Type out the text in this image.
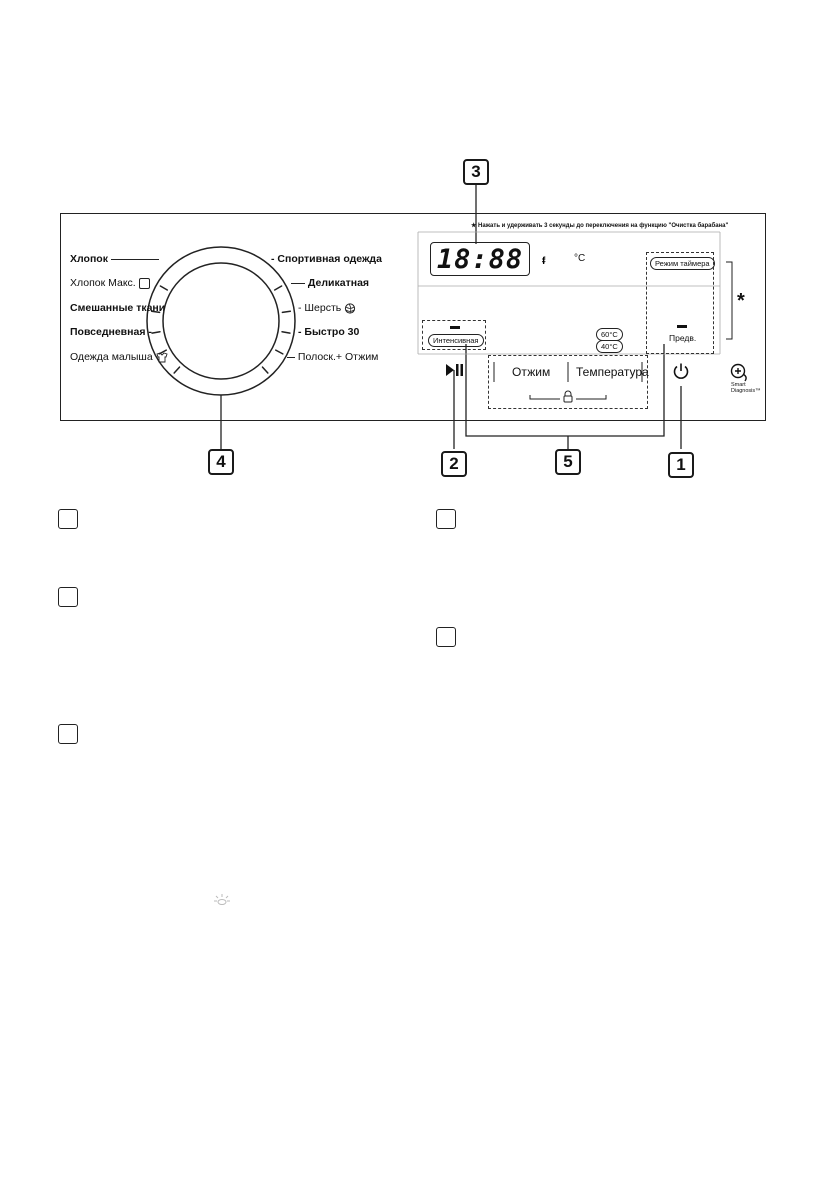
3
★ Нажать и удерживать 3 секунды до переключения на функцию "Очистка барабана"
Хлопок
Хлопок Макс.
Смешанные ткани
Повседневная -
Одежда малыша
- Спортивная одежда
Деликатная
- Шерсть
- Быстро 30
Полоск.+ Отжим
18:88	ᵮ	°C
Интенсивная
60°C
40°C
Режим таймера
Предв.
*
Отжим Температура
Smart
Diagnosis™
4	2	5	1
